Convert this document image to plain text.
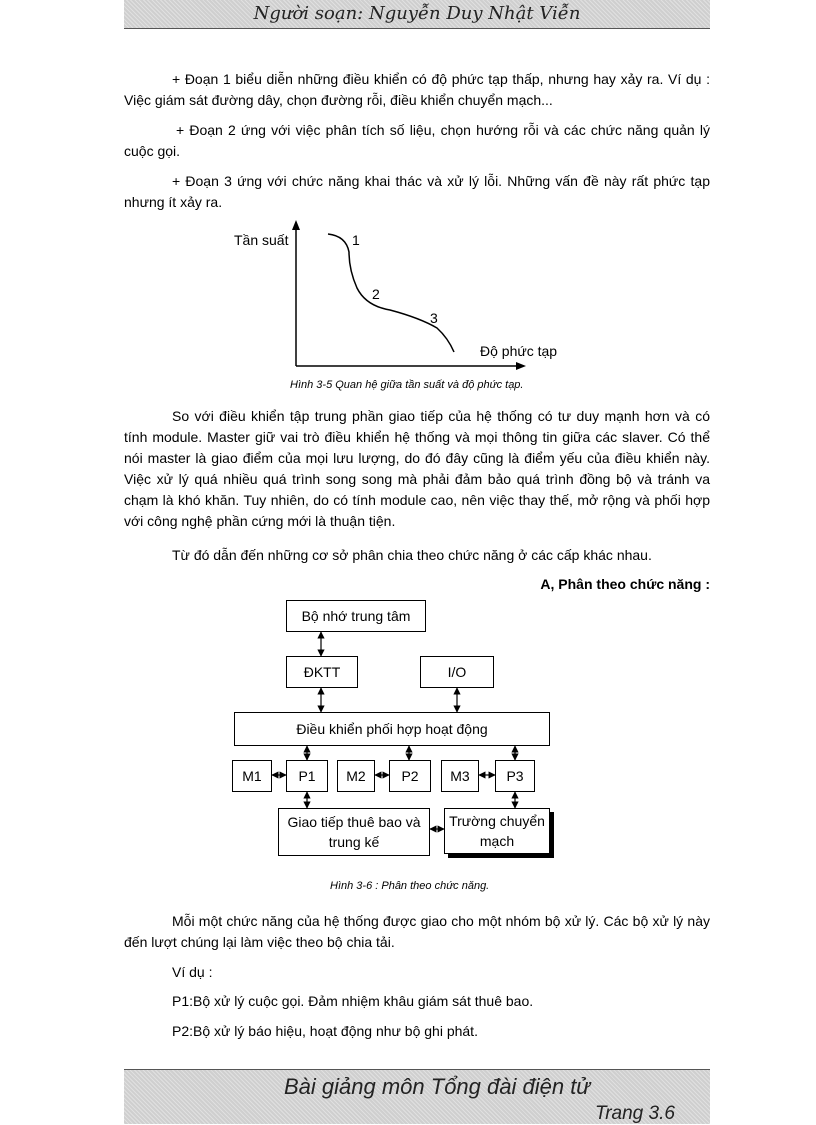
Người soạn: Nguyễn Duy Nhật Viễn

+ Đoạn 1 biểu diễn những điều khiển có độ phức tạp thấp, nhưng hay xảy ra. Ví dụ : Việc giám sát đường dây, chọn đường rỗi, điều khiển chuyển mạch...

+ Đoạn 2 ứng với việc phân tích số liệu, chọn hướng rỗi và các chức năng quản lý cuộc gọi.

+ Đoạn 3 ứng với chức năng khai thác và xử lý lỗi. Những vấn đề này rất phức tạp nhưng ít xảy ra.

Tần suất
Độ phức tạp
1
2
3
Hình 3-5 Quan hệ giữa tần suất và độ phức tạp.

So với điều khiển tập trung phần giao tiếp của hệ thống có tư duy mạnh hơn và có tính module. Master giữ vai trò điều khiển hệ thống và mọi thông tin giữa các slaver. Có thể nói master là giao điểm của mọi lưu lượng, do đó đây cũng là điểm yếu của điều khiển này. Việc xử lý quá nhiều quá trình song song mà phải đảm bảo quá trình đồng bộ và tránh va chạm là khó khăn. Tuy nhiên, do có tính module cao, nên việc thay thế, mở rộng và phối hợp với công nghệ phần cứng mới là thuận tiện.

Từ đó dẫn đến những cơ sở phân chia theo chức năng ở các cấp khác nhau.

A, Phân theo chức năng :
Bộ nhớ trung tâm
ĐKTT	I/O
Điều khiển phối hợp hoạt động
M1	P1	M2	P2	M3	P3
Giao tiếp thuê bao và trung kế
Trường chuyển mạch
Hình 3-6 : Phân theo chức năng.

Mỗi một chức năng của hệ thống được giao cho một nhóm bộ xử lý. Các bộ xử lý này đến lượt chúng lại làm việc theo bộ chia tải.

Ví dụ :

P1:Bộ xử lý cuộc gọi. Đảm nhiệm khâu giám sát thuê bao.

P2:Bộ xử lý báo hiệu, hoạt động như bộ ghi phát.

Bài giảng môn Tổng đài điện tử
Trang 3.6
